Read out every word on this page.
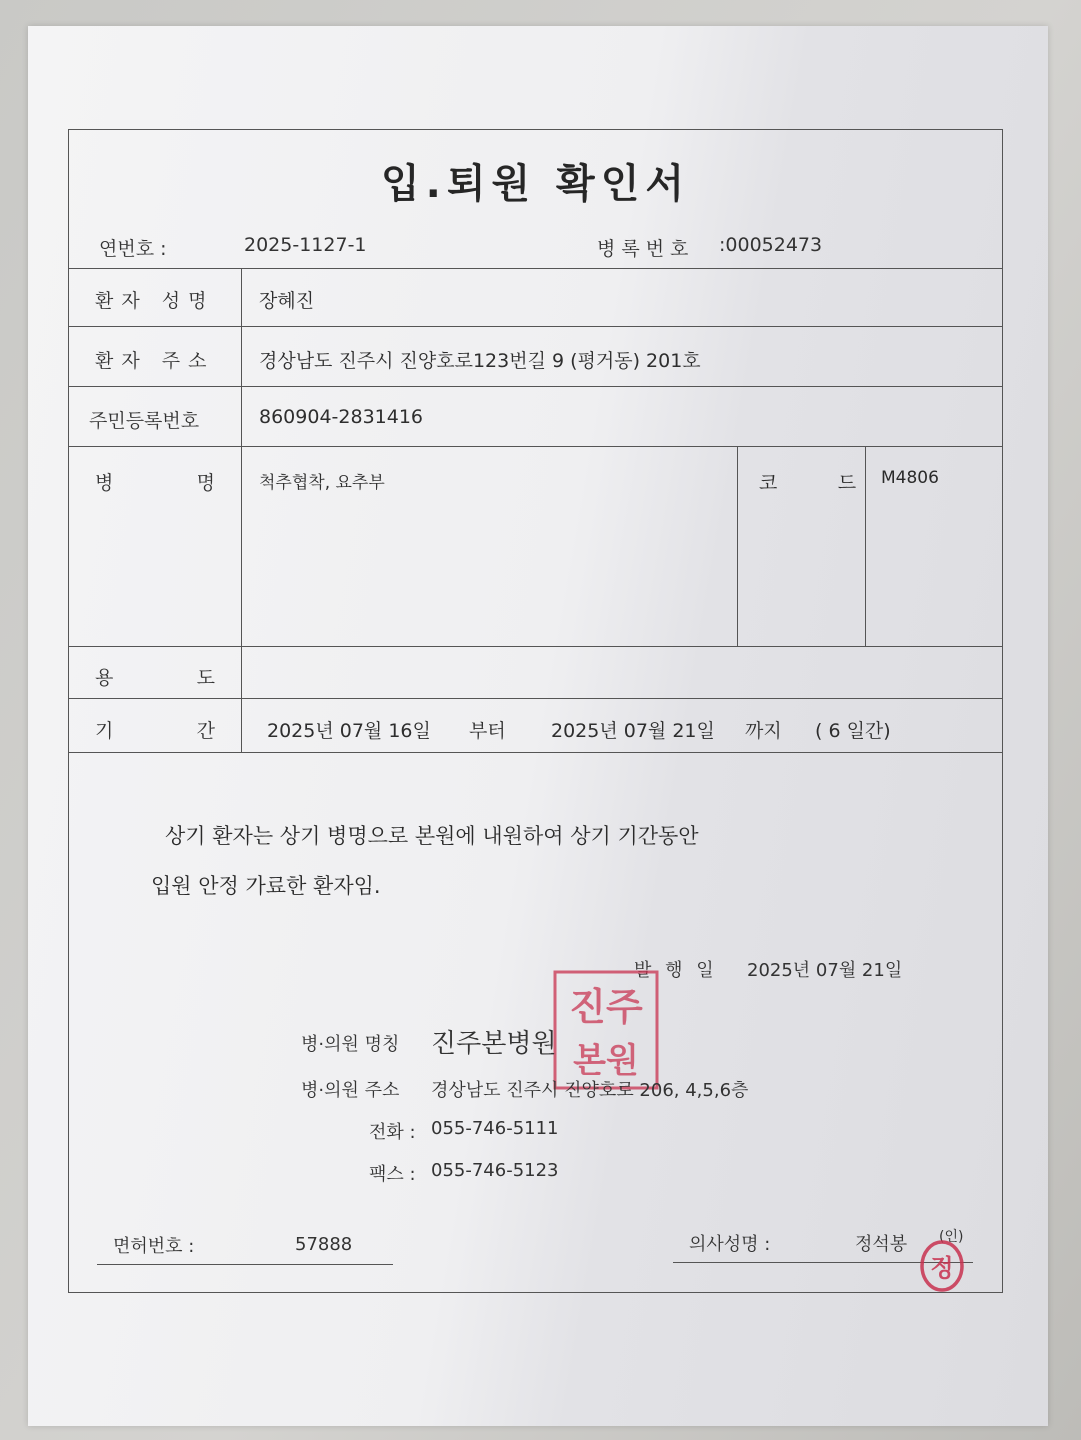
입.퇴원 확인서
연번호 :	2025-1127-1	병록번호 :00052473
환자 성명	장혜진
환자 주소	경상남도 진주시 진양호로123번길 9 (평거동) 201호
주민등록번호	860904-2831416
병	명	척추협착, 요추부	코          드 M4806
용	도
기	간	2025년 07월 16일 부터 2025년 07월 21일 까지 ( 6 일간)
상기 환자는 상기 병명으로 본원에 내원하여 상기 기간동안
입원 안정 가료한 환자임.
발 행 일 2025년 07월 21일
진주
본원
병·의원 명칭 진주본병원
병·의원 주소 경상남도 진주시 진양호로 206, 4,5,6층
전화 : 055-746-5111
팩스 : 055-746-5123
면허번호 :	57888	의사성명 :	정석봉 (인)
정
